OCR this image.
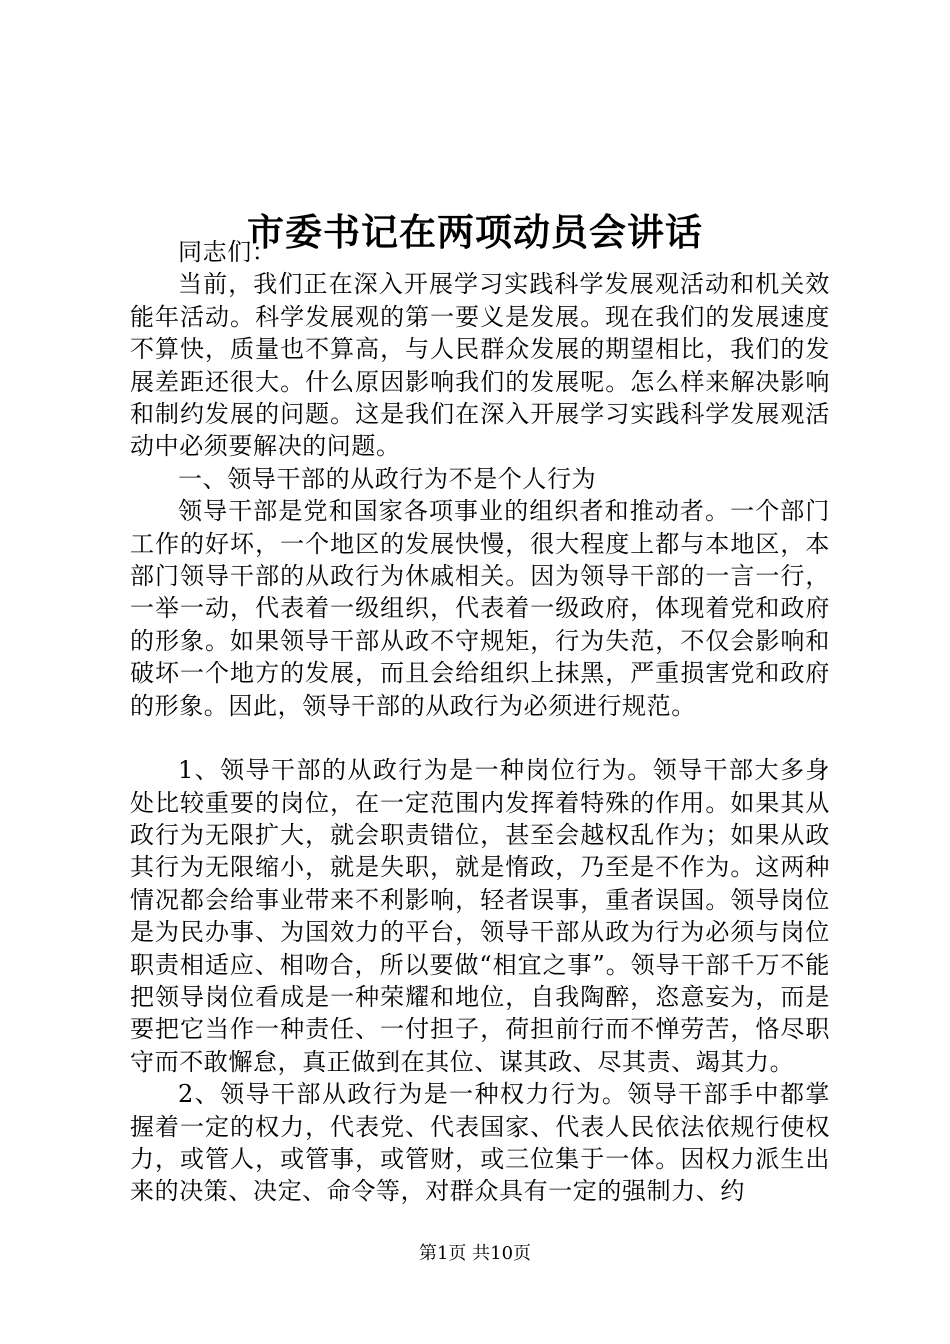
市委书记在两项动员会讲话

同志们：

当前，我们正在深入开展学习实践科学发展观活动和机关效能年活动。科学发展观的第一要义是发展。现在我们的发展速度不算快，质量也不算高，与人民群众发展的期望相比，我们的发展差距还很大。什么原因影响我们的发展呢。怎么样来解决影响和制约发展的问题。这是我们在深入开展学习实践科学发展观活动中必须要解决的问题。

一、领导干部的从政行为不是个人行为

领导干部是党和国家各项事业的组织者和推动者。一个部门工作的好坏，一个地区的发展快慢，很大程度上都与本地区，本部门领导干部的从政行为休戚相关。因为领导干部的一言一行，一举一动，代表着一级组织，代表着一级政府，体现着党和政府的形象。如果领导干部从政不守规矩，行为失范，不仅会影响和破坏一个地方的发展，而且会给组织上抹黑，严重损害党和政府的形象。因此，领导干部的从政行为必须进行规范。

1、领导干部的从政行为是一种岗位行为。领导干部大多身处比较重要的岗位，在一定范围内发挥着特殊的作用。如果其从政行为无限扩大，就会职责错位，甚至会越权乱作为；如果从政其行为无限缩小，就是失职，就是惰政，乃至是不作为。这两种情况都会给事业带来不利影响，轻者误事，重者误国。领导岗位是为民办事、为国效力的平台，领导干部从政为行为必须与岗位职责相适应、相吻合，所以要做“相宜之事”。领导干部千万不能把领导岗位看成是一种荣耀和地位，自我陶醉，恣意妄为，而是要把它当作一种责任、一付担子，荷担前行而不惮劳苦，恪尽职守而不敢懈怠，真正做到在其位、谋其政、尽其责、竭其力。

2、领导干部从政行为是一种权力行为。领导干部手中都掌握着一定的权力，代表党、代表国家、代表人民依法依规行使权力，或管人，或管事，或管财，或三位集于一体。因权力派生出来的决策、决定、命令等，对群众具有一定的强制力、约

第1页 共10页
